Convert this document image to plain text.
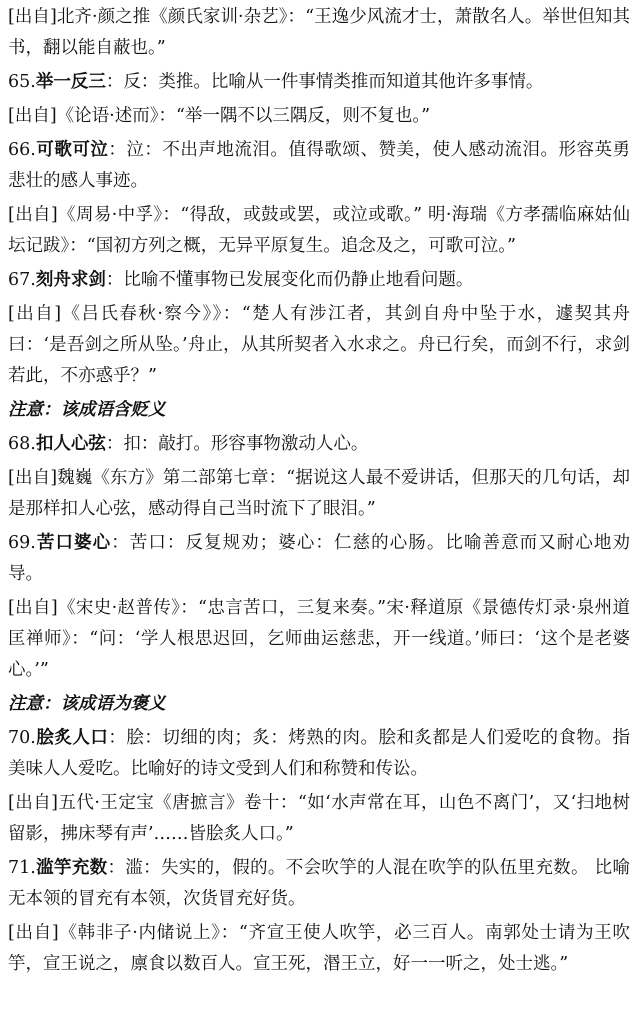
[出自]北齐·颜之推《颜氏家训·杂艺》：“王逸少风流才士，萧散名人。举世但知其书，翻以能自蔽也。”

65.举一反三：反：类推。比喻从一件事情类推而知道其他许多事情。

[出自]《论语·述而》：“举一隅不以三隅反，则不复也。”

66.可歌可泣：泣：不出声地流泪。值得歌颂、赞美，使人感动流泪。形容英勇悲壮的感人事迹。

[出自]《周易·中孚》：“得敌，或鼓或罢，或泣或歌。” 明·海瑞《方孝孺临麻姑仙坛记跋》：“国初方列之概，无异平原复生。追念及之，可歌可泣。”

67.刻舟求剑：比喻不懂事物已发展变化而仍静止地看问题。

[出自]《吕氏春秋·察今》》：“楚人有涉江者，其剑自舟中坠于水，遽契其舟曰：‘是吾剑之所从坠。’舟止，从其所契者入水求之。舟已行矣，而剑不行，求剑若此，不亦惑乎？”

注意：该成语含贬义

68.扣人心弦：扣：敲打。形容事物激动人心。

[出自]魏巍《东方》第二部第七章：“据说这人最不爱讲话，但那天的几句话，却是那样扣人心弦，感动得自己当时流下了眼泪。”

69.苦口婆心：苦口：反复规劝；婆心：仁慈的心肠。比喻善意而又耐心地劝导。

[出自]《宋史·赵普传》：“忠言苦口，三复来奏。”宋·释道原《景德传灯录·泉州道匡禅师》：“问：‘学人根思迟回，乞师曲运慈悲，开一线道。’师曰：‘这个是老婆心。’”

注意：该成语为褒义

70.脍炙人口：脍：切细的肉；炙：烤熟的肉。脍和炙都是人们爱吃的食物。指美味人人爱吃。比喻好的诗文受到人们和称赞和传讼。

[出自]五代·王定宝《唐摭言》卷十：“如‘水声常在耳，山色不离门’，又‘扫地树留影，拂床琴有声’……皆脍炙人口。”

71.滥竽充数：滥：失实的，假的。不会吹竽的人混在吹竽的队伍里充数。 比喻无本领的冒充有本领，次货冒充好货。

[出自]《韩非子·内储说上》：“齐宣王使人吹竽，必三百人。南郭处士请为王吹竽，宣王说之，廪食以数百人。宣王死，湣王立，好一一听之，处士逃。”
